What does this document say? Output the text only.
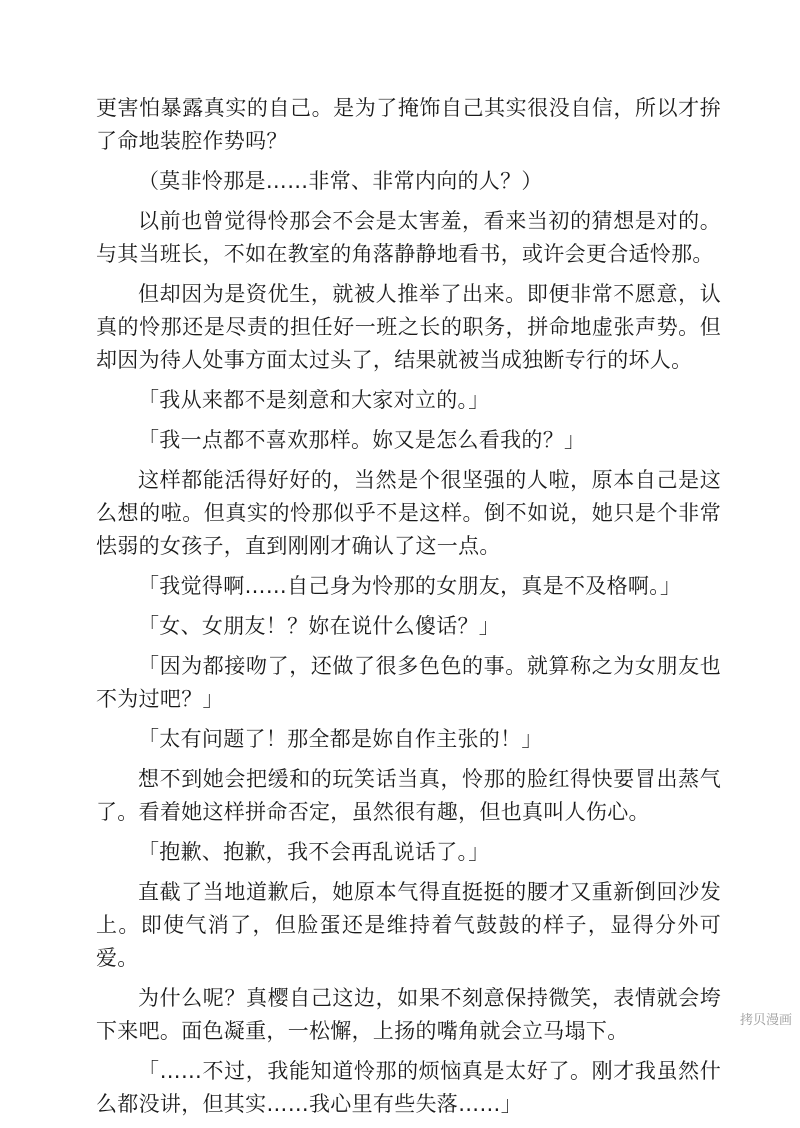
更害怕暴露真实的自己。是为了掩饰自己其实很没自信，所以才拚了命地装腔作势吗？

（莫非怜那是……非常、非常内向的人？）

以前也曾觉得怜那会不会是太害羞，看来当初的猜想是对的。与其当班长，不如在教室的角落静静地看书，或许会更合适怜那。

但却因为是资优生，就被人推举了出来。即便非常不愿意，认真的怜那还是尽责的担任好一班之长的职务，拼命地虚张声势。但却因为待人处事方面太过头了，结果就被当成独断专行的坏人。

「我从来都不是刻意和大家对立的。」

「我一点都不喜欢那样。妳又是怎么看我的？」

这样都能活得好好的，当然是个很坚强的人啦，原本自己是这么想的啦。但真实的怜那似乎不是这样。倒不如说，她只是个非常怯弱的女孩子，直到刚刚才确认了这一点。

「我觉得啊……自己身为怜那的女朋友，真是不及格啊。」

「女、女朋友！？妳在说什么傻话？」

「因为都接吻了，还做了很多色色的事。就算称之为女朋友也不为过吧？」

「太有问题了！那全都是妳自作主张的！」

想不到她会把缓和的玩笑话当真，怜那的脸红得快要冒出蒸气了。看着她这样拼命否定，虽然很有趣，但也真叫人伤心。

「抱歉、抱歉，我不会再乱说话了。」

直截了当地道歉后，她原本气得直挺挺的腰才又重新倒回沙发上。即使气消了，但脸蛋还是维持着气鼓鼓的样子，显得分外可爱。

为什么呢？真樱自己这边，如果不刻意保持微笑，表情就会垮下来吧。面色凝重，一松懈，上扬的嘴角就会立马塌下。

「……不过，我能知道怜那的烦恼真是太好了。刚才我虽然什么都没讲，但其实……我心里有些失落……」

拷贝漫画
